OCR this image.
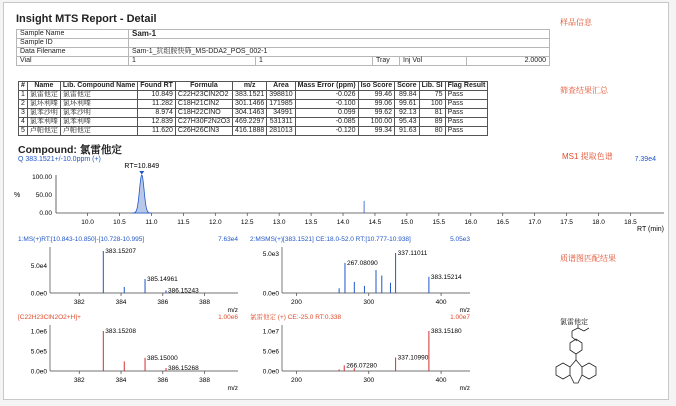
Insight MTS Report - Detail	样品信息
筛查结果汇总
MS1 提取色谱
质谱图匹配结果
Sample Name	Sam-1				
Sample ID					
Data Filename	Sam-1_抗组胺快筛_MS-DDA2_POS_002-1				
Vial	1	1	Tray	Inj Vol	2.0000
#	Name	Lib. Compound Name	Found RT	Formula	m/z	Area	Mass Error (ppm)	Iso Score	Score	Lib. SI	Flag Result
1	氯雷他定	氯雷他定	10.849	C22H23ClN2O2	383.1521	398810	-0.026	99.46	89.84	75	Pass
2	氯环利嗪	氯环利嗪	11.282	C18H21ClN2	301.1466	171985	-0.100	99.06	99.61	100	Pass
3	氯苯沙明	氯苯沙明	8.974	C18H22ClNO	304.1463	34991	0.099	99.62	92.13	81	Pass
4	氯苯利嗪	氯苯利嗪	12.839	C27H30F2N2O3	469.2297	531311	-0.085	100.00	95.43	89	Pass
5	卢帕他定	卢帕他定	11.620	C26H26ClN3	416.1888	281013	-0.120	99.34	91.63	80	Pass
Compound: 氯雷他定
Q 383.1521+/-10.0ppm (+)	7.39e4
%
100.00
50.00
0.00
10.0	10.5	11.0	11.5	12.0	12.5	13.0	13.5	14.0	14.5	15.0	15.5	16.0	16.5	17.0	17.5	18.0	18.5
RT=10.849
RT (min)
1:MS(+)RT:[10.843-10.850]-[10.728-10.995]	7.63e4
5.0e4
0.0e0
382	384	386	388
m/z
383.15207
385.14961
386.15243
2:MSMS(+)[383.1521] CE:18.0-52.0 RT:[10.777-10.938]	5.05e3
5.0e3
0.0e0
200	300	400
m/z
337.11011
267.08090
383.15214
[C22H23ClN2O2+H]+	1.00e6
1.0e6
5.0e5
0.0e0
382	384	386	388
m/z
383.15208
385.15000
386.15268
氯雷他定 (+) CE:-25.0 RT:0.338	1.00e7
1.0e7
5.0e6
0.0e0
200	300	400
m/z
383.15180
337.10990
266.07280
氯雷他定
